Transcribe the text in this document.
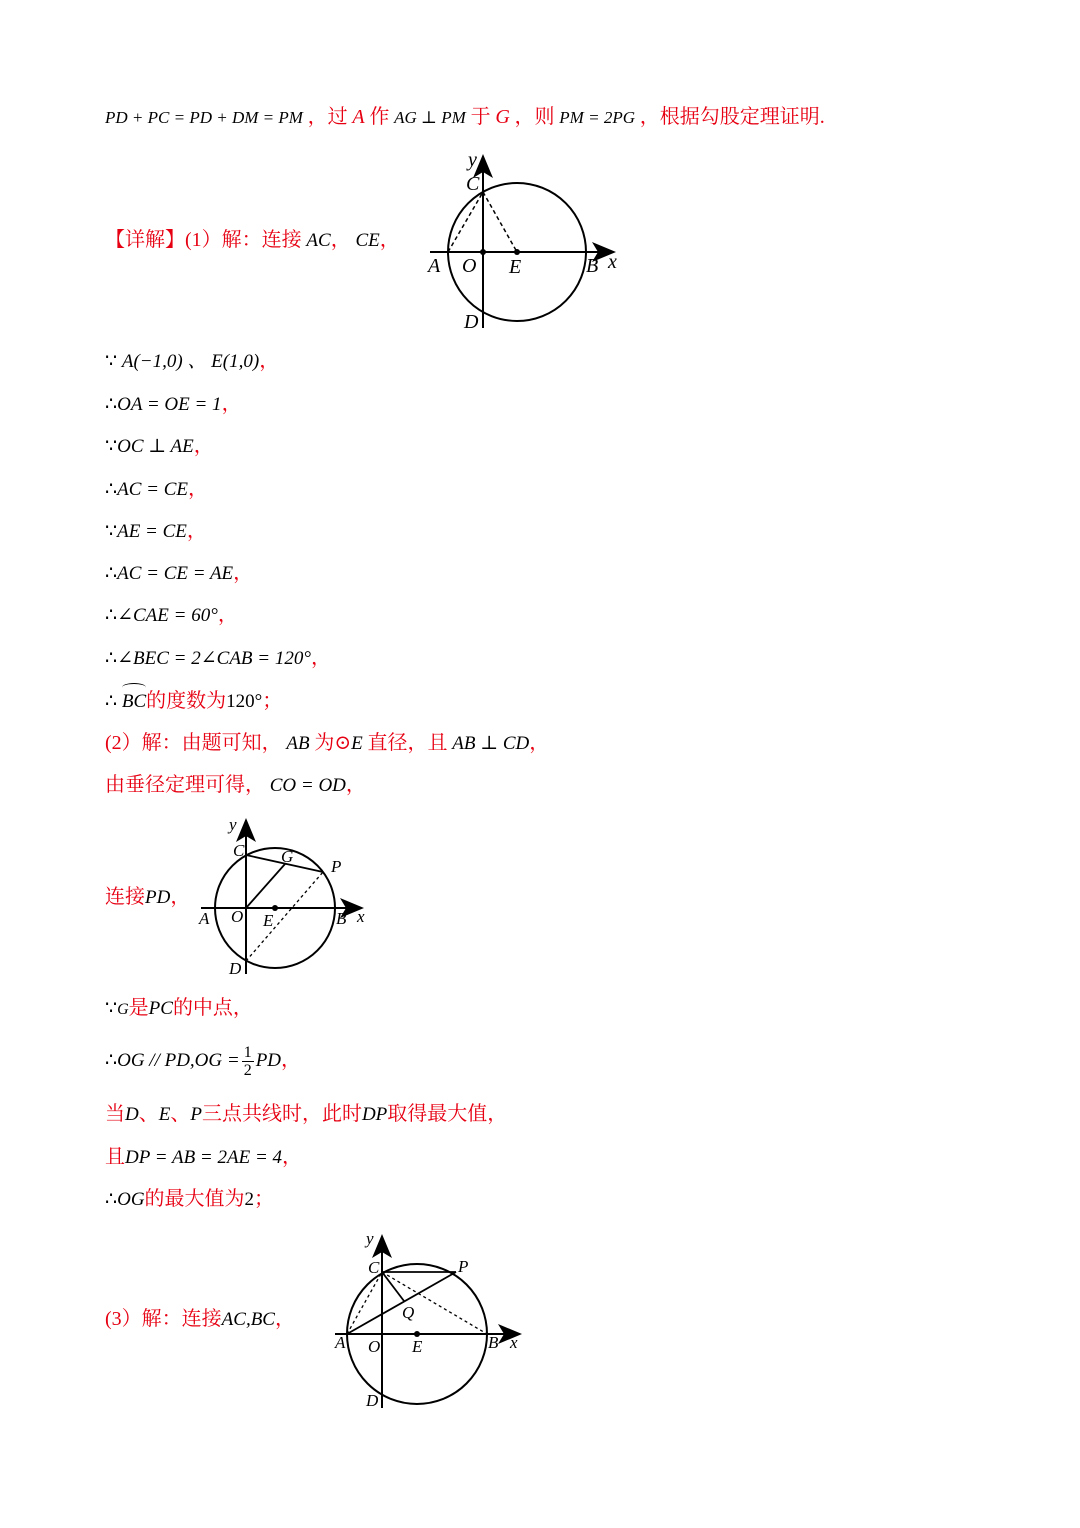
PD + PC = PD + DM = PM ，过 A 作 AG ⊥ PM 于 G ，则 PM = 2PG ，根据勾股定理证明.
【详解】(1）解：连接 AC， CE，
y
x
C
A O E	B
D
∵ A(−1,0) 、 E(1,0)，
∴OA = OE = 1，
∵OC ⊥ AE，
∴AC = CE，
∵AE = CE，
∴AC = CE = AE，
∴∠CAE = 60°，
∴∠BEC = 2∠CAB = 120°，
∴ BC的度数为120°；
(2）解：由题可知， AB 为⊙E 直径，且 AB ⊥ CD，
由垂径定理可得， CO = OD，
连接PD，
y
x
C G
P
A O E	B
D
∵G是PC的中点，
∴OG // $PD,OG = \frac{1}{2}$ PD，
当D、E、P三点共线时，此时DP取得最大值，
且DP = AB = 2AE = 4，
∴OG的最大值为2；
(3）解：连接AC,BC，
y
x
C	P
Q
A O E	B
D
